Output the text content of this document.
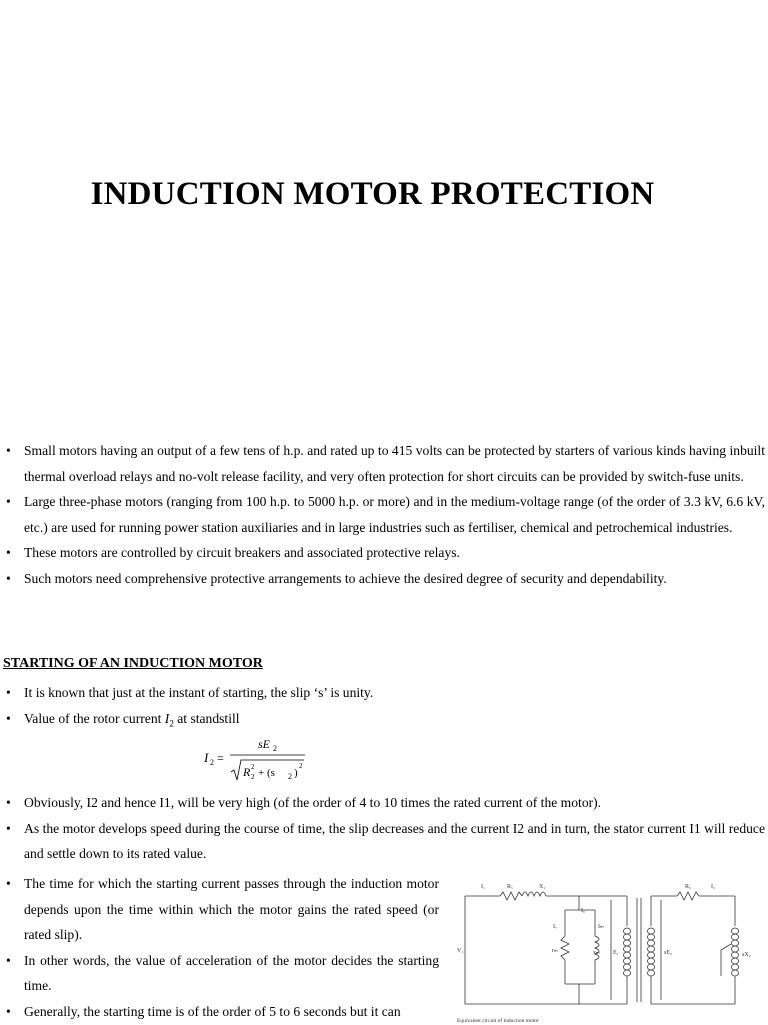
INDUCTION MOTOR PROTECTION
• Small motors having an output of a few tens of h.p. and rated up to 415 volts can be protected by starters of various kinds having inbuilt thermal overload relays and no-volt release facility, and very often protection for short circuits can be provided by switch-fuse units.
• Large three-phase motors (ranging from 100 h.p. to 5000 h.p. or more) and in the medium-voltage range (of the order of 3.3 kV, 6.6 kV, etc.) are used for running power station auxiliaries and in large industries such as fertiliser, chemical and petrochemical industries.
• These motors are controlled by circuit breakers and associated protective relays.
• Such motors need comprehensive protective arrangements to achieve the desired degree of security and dependability.
STARTING OF AN INDUCTION MOTOR
• It is known that just at the instant of starting, the slip ‘s’ is unity.
• Value of the rotor current $I_2$ at standstill
I 2 =
sE 2
R 2
2 + (s 2 )
2
• Obviously, I2 and hence I1, will be very high (of the order of 4 to 10 times the rated current of the motor).
• As the motor develops speed during the course of time, the slip decreases and the current I2 and in turn, the stator current I1 will reduce and settle down to its rated value.
• The time for which the starting current passes through the induction motor depends upon the time within which the motor gains the rated speed (or rated slip).
• In other words, the value of acceleration of the motor decides the starting time.
• Generally, the starting time is of the order of 5 to 6 seconds but it can
I₁	R₁	X₁
I₀
Iₑ	Iₘ
rₘ	xₘ E₁
V₁
R₂	I₂
sE₂	sX₂
Equivalent circuit of induction motor
